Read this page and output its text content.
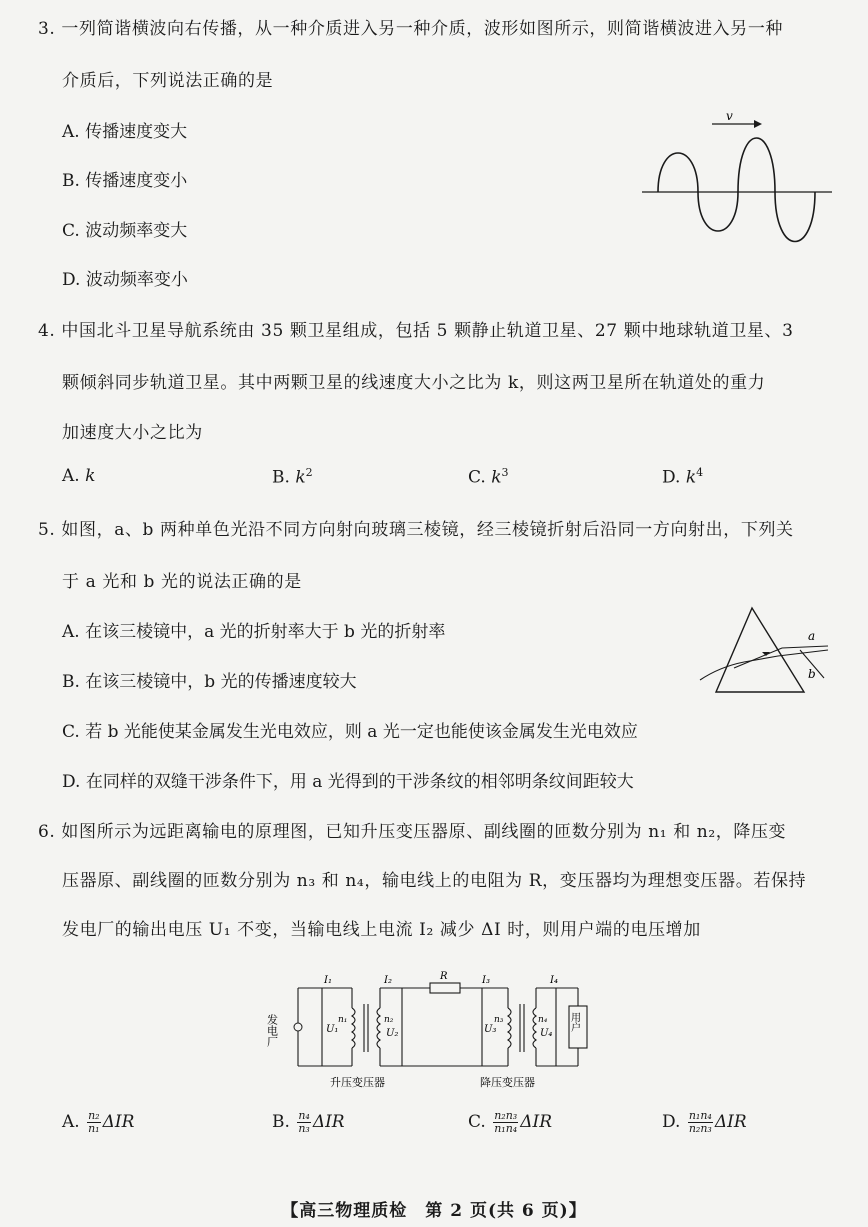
3. 一列简谐横波向右传播，从一种介质进入另一种介质，波形如图所示，则简谐横波进入另一种
介质后，下列说法正确的是
A. 传播速度变大
B. 传播速度变小
C. 波动频率变大
D. 波动频率变小
v
4. 中国北斗卫星导航系统由 35 颗卫星组成，包括 5 颗静止轨道卫星、27 颗中地球轨道卫星、3
颗倾斜同步轨道卫星。其中两颗卫星的线速度大小之比为 k，则这两卫星所在轨道处的重力
加速度大小之比为
A. k	B. $k^2$	C. $k^3$	D. $k^4$
5. 如图，a、b 两种单色光沿不同方向射向玻璃三棱镜，经三棱镜折射后沿同一方向射出，下列关
于 a 光和 b 光的说法正确的是
A. 在该三棱镜中，a 光的折射率大于 b 光的折射率
B. 在该三棱镜中，b 光的传播速度较大
C. 若 b 光能使某金属发生光电效应，则 a 光一定也能使该金属发生光电效应
D. 在同样的双缝干涉条件下，用 a 光得到的干涉条纹的相邻明条纹间距较大
a
b
6. 如图所示为远距离输电的原理图，已知升压变压器原、副线圈的匝数分别为 n₁ 和 n₂，降压变
压器原、副线圈的匝数分别为 n₃ 和 n₄，输电线上的电阻为 R，变压器均为理想变压器。若保持
发电厂的输出电压 U₁ 不变，当输电线上电流 I₂ 减少 ΔI 时，则用户端的电压增加
发电厂	用户
R
I₁	I₂	I₃	I₄
U₁
n₁	n₂
U₂	U₃
n₃	n₄
U₄
升压变压器	降压变压器
A. $\frac{\text{n₂}}{\text{n₁}}$ ΔIR	B. $\frac{\text{n₄}}{\text{n₃}}$ ΔIR	C. $\frac{\text{n₂n₃}}{\text{n₁n₄}}$ ΔIR	D. $\frac{\text{n₁n₄}}{\text{n₂n₃}}$ ΔIR
【高三物理质检　第 2 页(共 6 页)】
